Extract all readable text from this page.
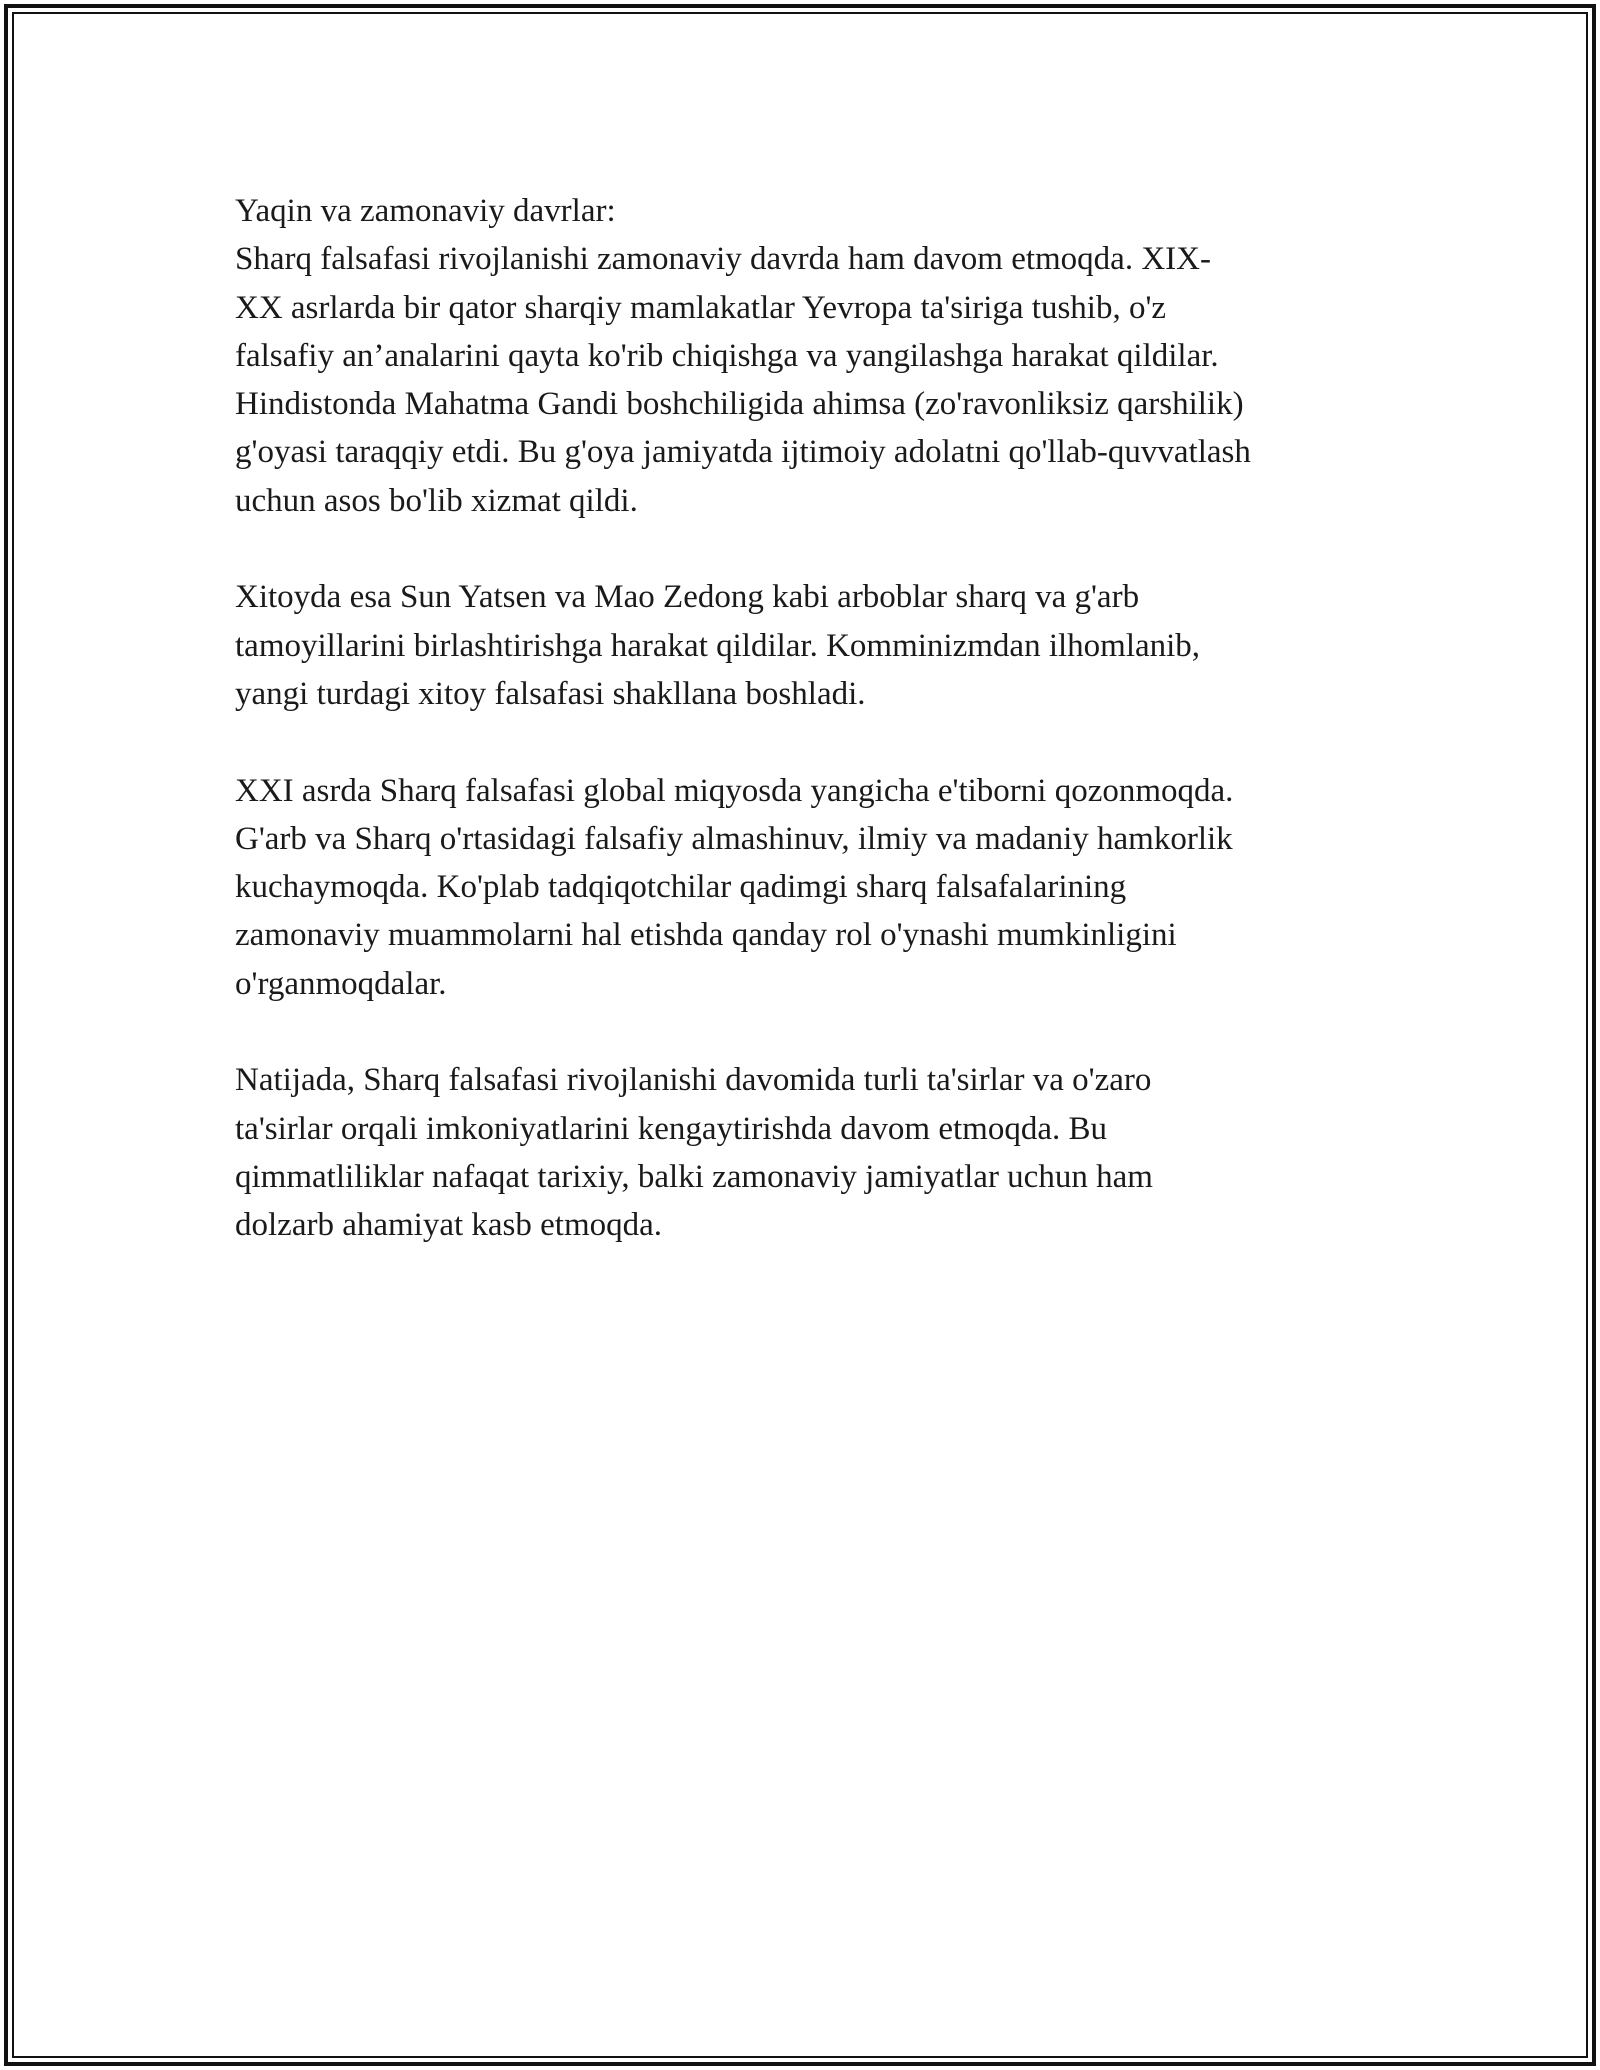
Yaqin va zamonaviy davrlar:
Sharq falsafasi rivojlanishi zamonaviy davrda ham davom etmoqda. XIX-
XX asrlarda bir qator sharqiy mamlakatlar Yevropa ta'siriga tushib, o'z
falsafiy an’analarini qayta ko'rib chiqishga va yangilashga harakat qildilar.
Hindistonda Mahatma Gandi boshchiligida ahimsa (zo'ravonliksiz qarshilik)
g'oyasi taraqqiy etdi. Bu g'oya jamiyatda ijtimoiy adolatni qo'llab-quvvatlash
uchun asos bo'lib xizmat qildi.
Xitoyda esa Sun Yatsen va Mao Zedong kabi arboblar sharq va g'arb
tamoyillarini birlashtirishga harakat qildilar. Komminizmdan ilhomlanib,
yangi turdagi xitoy falsafasi shakllana boshladi.
XXI asrda Sharq falsafasi global miqyosda yangicha e'tiborni qozonmoqda.
G'arb va Sharq o'rtasidagi falsafiy almashinuv, ilmiy va madaniy hamkorlik
kuchaymoqda. Ko'plab tadqiqotchilar qadimgi sharq falsafalarining
zamonaviy muammolarni hal etishda qanday rol o'ynashi mumkinligini
o'rganmoqdalar.
Natijada, Sharq falsafasi rivojlanishi davomida turli ta'sirlar va o'zaro
ta'sirlar orqali imkoniyatlarini kengaytirishda davom etmoqda. Bu
qimmatliliklar nafaqat tarixiy, balki zamonaviy jamiyatlar uchun ham
dolzarb ahamiyat kasb etmoqda.
